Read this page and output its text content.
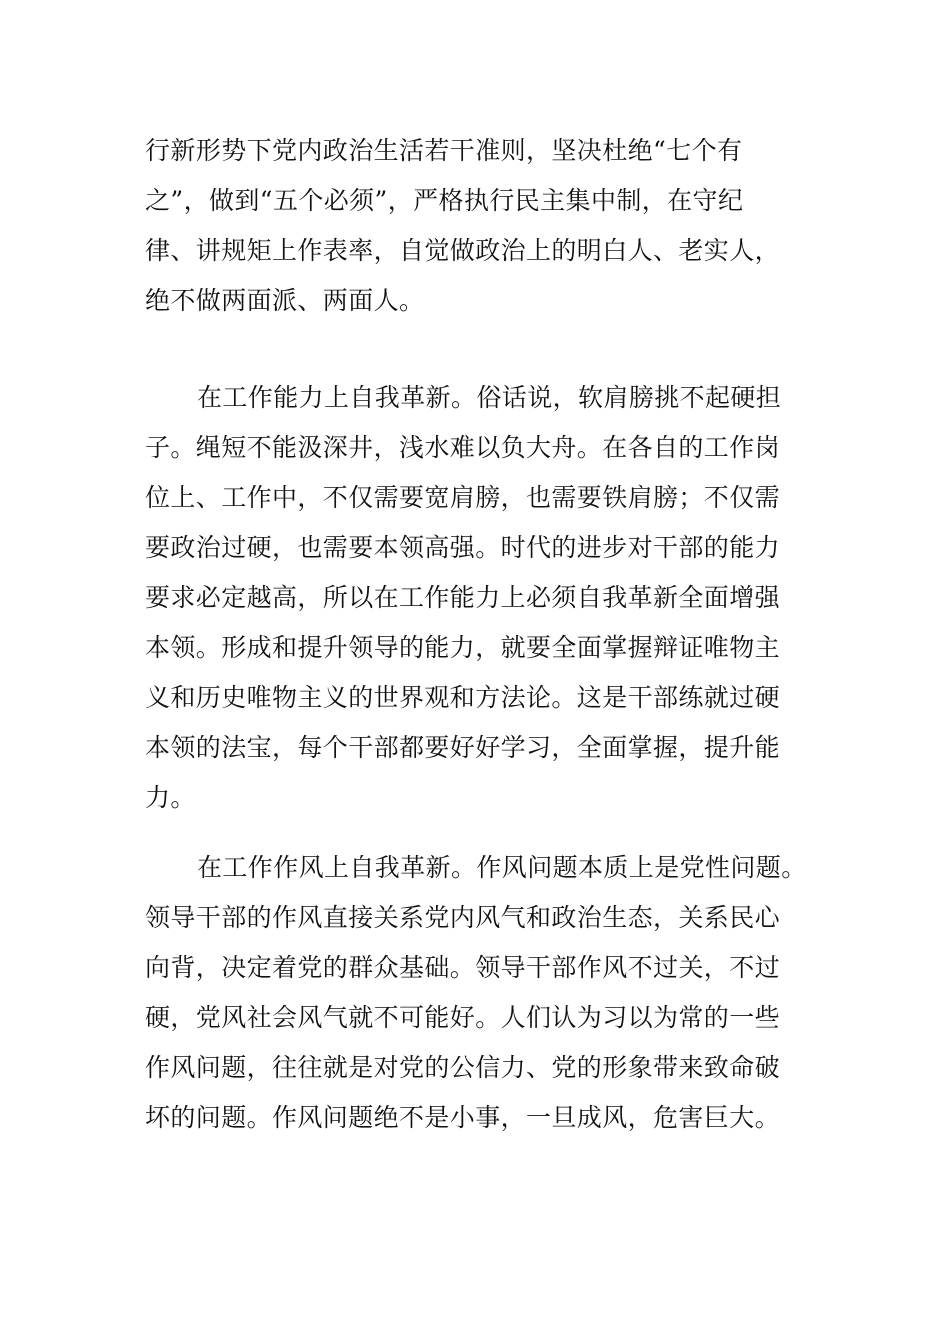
行新形势下党内政治生活若干准则，坚决杜绝“七个有
之”，做到“五个必须”，严格执行民主集中制，在守纪
律、讲规矩上作表率，自觉做政治上的明白人、老实人，
绝不做两面派、两面人。
在工作能力上自我革新。俗话说，软肩膀挑不起硬担
子。绳短不能汲深井，浅水难以负大舟。在各自的工作岗
位上、工作中，不仅需要宽肩膀，也需要铁肩膀；不仅需
要政治过硬，也需要本领高强。时代的进步对干部的能力
要求必定越高，所以在工作能力上必须自我革新全面增强
本领。形成和提升领导的能力，就要全面掌握辩证唯物主
义和历史唯物主义的世界观和方法论。这是干部练就过硬
本领的法宝，每个干部都要好好学习，全面掌握，提升能
力。
在工作作风上自我革新。作风问题本质上是党性问题。
领导干部的作风直接关系党内风气和政治生态，关系民心
向背，决定着党的群众基础。领导干部作风不过关，不过
硬，党风社会风气就不可能好。人们认为习以为常的一些
作风问题，往往就是对党的公信力、党的形象带来致命破
坏的问题。作风问题绝不是小事，一旦成风，危害巨大。
